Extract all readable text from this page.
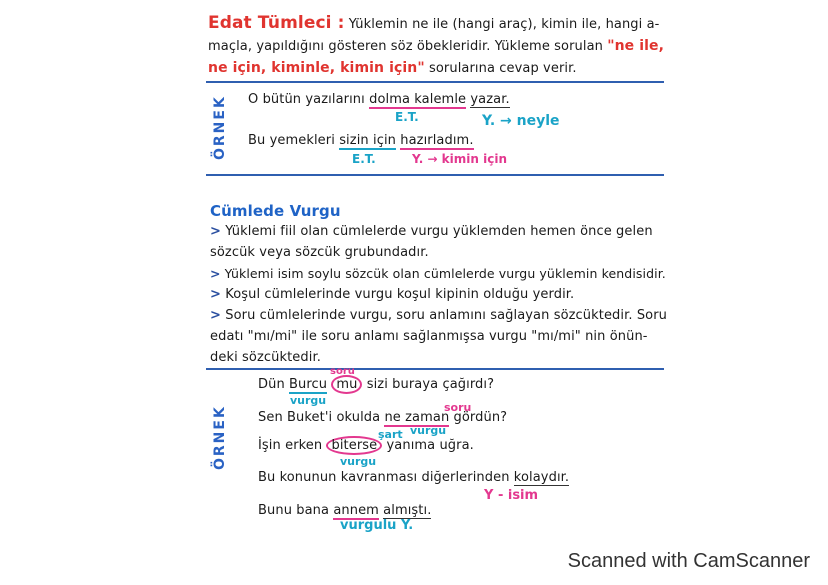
Edat Tümleci : Yüklemin ne ile (hangi araç), kimin ile, hangi a-
maçla, yapıldığını gösteren söz öbekleridir. Yükleme sorulan "ne ile,
ne için, kiminle, kimin için" sorularına cevap verir.
ÖRNEK O bütün yazılarını dolma kalemle yazar.
E.T.	Y. → neyle
Bu yemekleri sizin için hazırladım.
E.T.	Y. → kimin için
Cümlede Vurgu
> Yüklemi fiil olan cümlelerde vurgu yüklemden hemen önce gelen
sözcük veya sözcük grubundadır.
> Yüklemi isim soylu sözcük olan cümlelerde vurgu yüklemin kendisidir.
> Koşul cümlelerinde vurgu koşul kipinin olduğu yerdir.
> Soru cümlelerinde vurgu, soru anlamını sağlayan sözcüktedir. Soru
edatı "mı/mi" ile soru anlamı sağlanmışsa vurgu "mı/mi" nin önün-
deki sözcüktedir.
ÖRNEK
soru
Dün Burcu mu sizi buraya çağırdı?
vurgu
soru
Sen Buket'i okulda ne zaman gördün?
vurgu
şart
İşin erken biterse yanıma uğra.
vurgu
Bu konunun kavranması diğerlerinden kolaydır.
Y - isim
Bunu bana annem almıştı.
vurgulu Y.
Scanned with CamScanner
